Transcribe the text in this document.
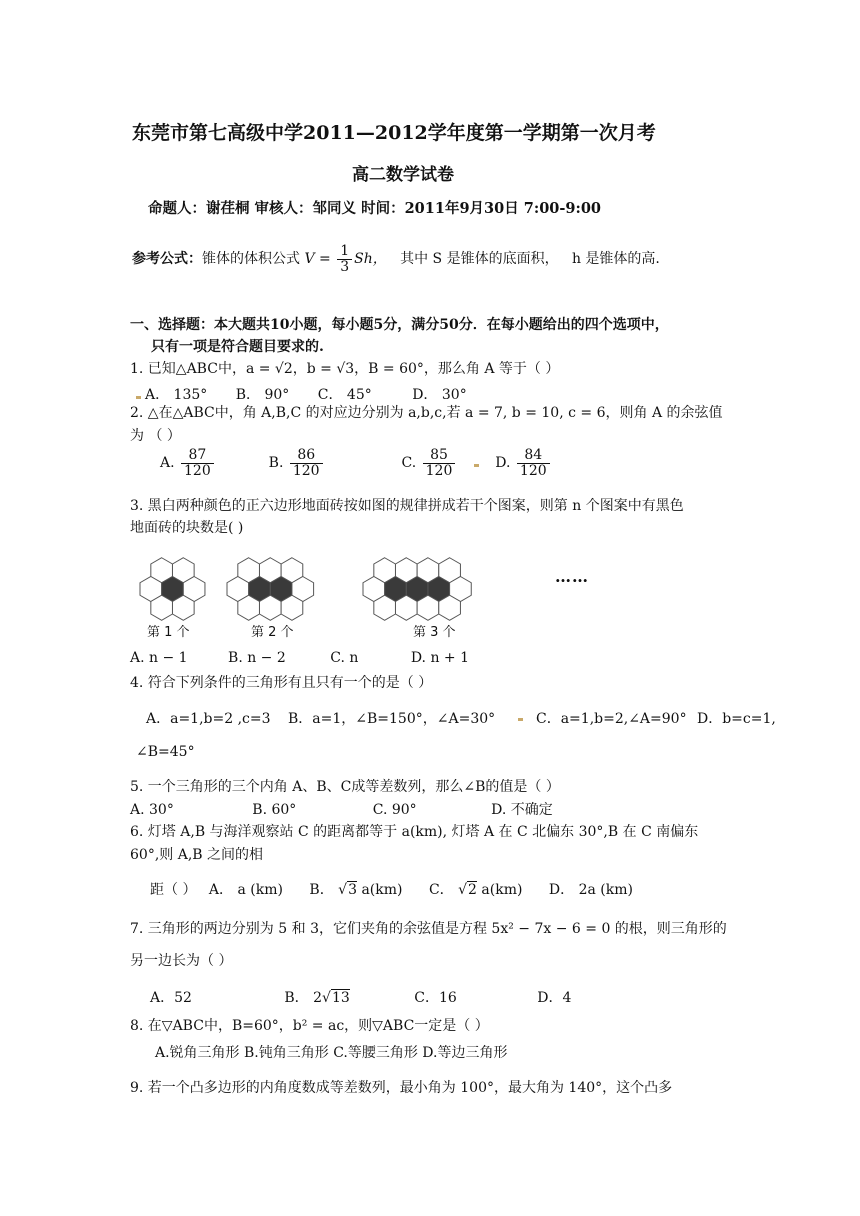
东莞市第七高级中学2011—2012学年度第一学期第一次月考
高二数学试卷
命题人：谢荏桐 审核人：邹同义 时间：2011年9月30日 7:00-9:00
参考公式：锥体的体积公式 $V = \frac{1}{3}$ Sh， 其中 S 是锥体的底面积， h 是锥体的高.
一、选择题：本大题共10小题，每小题5分，满分50分．在每小题给出的四个选项中，
只有一项是符合题目要求的.
1. 已知△ABC中，a = √2，b = √3，B = 60°，那么角 A 等于（ ）
A． 135° B． 90° C． 45°	D． 30°
2. △在△ABC中，角 A,B,C 的对应边分别为 a,b,c,若 a = 7, b = 10, c = 6，则角 A 的余弦值
为 （ ）
A. $\frac{87}{120}$	B. $\frac{86}{120}$	C. $\frac{85}{120}$	D. $\frac{84}{120}$
3. 黑白两种颜色的正六边形地面砖按如图的规律拼成若干个图案，则第 n 个图案中有黑色
地面砖的块数是( )
第 1 个	第 2 个	第 3 个
……
A. n − 1	B. n − 2	C. n	D. n + 1
4. 符合下列条件的三角形有且只有一个的是（ ）
A．a=1,b=2 ,c=3 B．a=1，∠B=150°，∠A=30°	C．a=1,b=2,∠A=90° D．b=c=1,
∠B=45°
5. 一个三角形的三个内角 A、B、C成等差数列，那么∠B的值是（ ）
A. 30°	B. 60°	C. 90°	D. 不确定
6. 灯塔 A,B 与海洋观察站 C 的距离都等于 a(km), 灯塔 A 在 C 北偏东 30°,B 在 C 南偏东
60°,则 A,B 之间的相
距（ ） A． a (km) B． √3 a(km) C． √2 a(km) D． 2a (km)
7. 三角形的两边分别为 5 和 3，它们夹角的余弦值是方程 5x² − 7x − 6 = 0 的根，则三角形的
另一边长为（ ）
A．52	B． 2√13	C．16	D．4
8. 在▽ABC中，B=60°，b² = ac，则▽ABC一定是（ ）
A.锐角三角形 B.钝角三角形 C.等腰三角形 D.等边三角形
9. 若一个凸多边形的内角度数成等差数列，最小角为 100°，最大角为 140°，这个凸多
